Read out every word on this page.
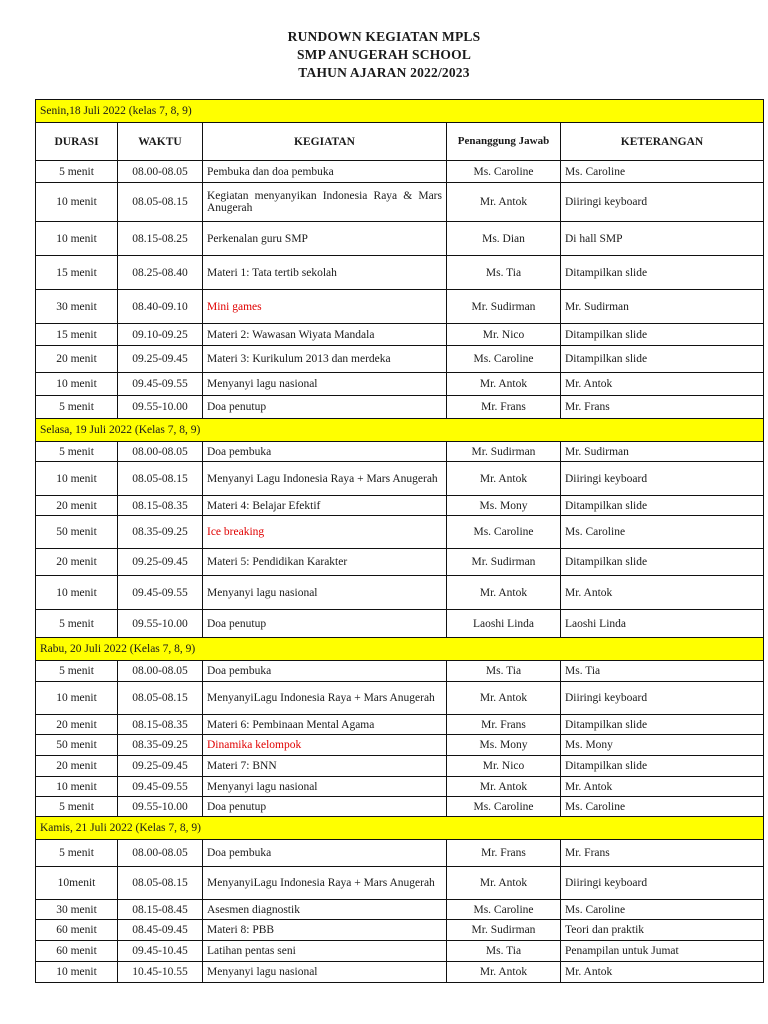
RUNDOWN KEGIATAN MPLS
SMP ANUGERAH SCHOOL
TAHUN AJARAN 2022/2023
Senin,18 Juli 2022 (kelas 7, 8, 9)				
DURASI	WAKTU	KEGIATAN	Penanggung Jawab	KETERANGAN
5 menit	08.00-08.05	Pembuka dan doa pembuka	Ms. Caroline	Ms. Caroline
10 menit	08.05-08.15	Kegiatan menyanyikan Indonesia Raya & Mars Anugerah	Mr. Antok	Diiringi keyboard
10 menit	08.15-08.25	Perkenalan guru SMP	Ms. Dian	Di hall SMP
15 menit	08.25-08.40	Materi 1: Tata tertib sekolah	Ms. Tia	Ditampilkan slide
30 menit	08.40-09.10	Mini games	Mr. Sudirman	Mr. Sudirman
15 menit	09.10-09.25	Materi 2: Wawasan Wiyata Mandala	Mr. Nico	Ditampilkan slide
20 menit	09.25-09.45	Materi 3: Kurikulum 2013 dan merdeka	Ms. Caroline	Ditampilkan slide
10 menit	09.45-09.55	Menyanyi lagu nasional	Mr. Antok	Mr. Antok
5 menit	09.55-10.00	Doa penutup	Mr. Frans	Mr. Frans
Selasa, 19 Juli 2022 (Kelas 7, 8, 9)				
5 menit	08.00-08.05	Doa pembuka	Mr. Sudirman	Mr. Sudirman
10 menit	08.05-08.15	Menyanyi Lagu Indonesia Raya + Mars Anugerah	Mr. Antok	Diiringi keyboard
20 menit	08.15-08.35	Materi 4: Belajar Efektif	Ms. Mony	Ditampilkan slide
50 menit	08.35-09.25	Ice breaking	Ms. Caroline	Ms. Caroline
20 menit	09.25-09.45	Materi 5: Pendidikan Karakter	Mr. Sudirman	Ditampilkan slide
10 menit	09.45-09.55	Menyanyi lagu nasional	Mr. Antok	Mr. Antok
5 menit	09.55-10.00	Doa penutup	Laoshi Linda	Laoshi Linda
Rabu, 20 Juli 2022 (Kelas 7, 8, 9)				
5 menit	08.00-08.05	Doa pembuka	Ms. Tia	Ms. Tia
10 menit	08.05-08.15	MenyanyiLagu Indonesia Raya + Mars Anugerah	Mr. Antok	Diiringi keyboard
20 menit	08.15-08.35	Materi 6: Pembinaan Mental Agama	Mr. Frans	Ditampilkan slide
50 menit	08.35-09.25	Dinamika kelompok	Ms. Mony	Ms. Mony
20 menit	09.25-09.45	Materi 7: BNN	Mr. Nico	Ditampilkan slide
10 menit	09.45-09.55	Menyanyi lagu nasional	Mr. Antok	Mr. Antok
5 menit	09.55-10.00	Doa penutup	Ms. Caroline	Ms. Caroline
Kamis, 21 Juli 2022 (Kelas 7, 8, 9)				
5 menit	08.00-08.05	Doa pembuka	Mr. Frans	Mr. Frans
10menit	08.05-08.15	MenyanyiLagu Indonesia Raya + Mars Anugerah	Mr. Antok	Diiringi keyboard
30 menit	08.15-08.45	Asesmen diagnostik	Ms. Caroline	Ms. Caroline
60 menit	08.45-09.45	Materi 8: PBB	Mr. Sudirman	Teori dan praktik
60 menit	09.45-10.45	Latihan pentas seni	Ms. Tia	Penampilan untuk Jumat
10 menit	10.45-10.55	Menyanyi lagu nasional	Mr. Antok	Mr. Antok
